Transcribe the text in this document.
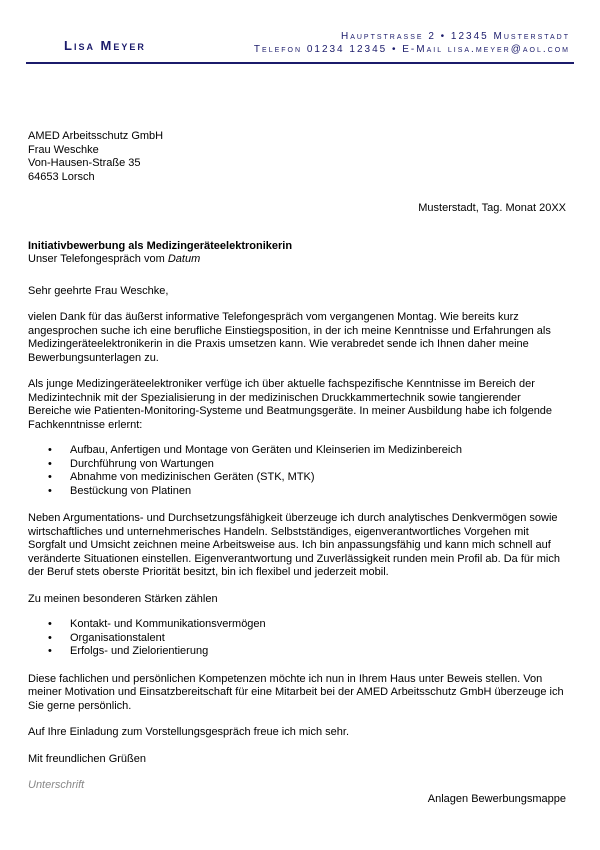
Lisa Meyer
Hauptstrasse 2 • 12345 Musterstadt
Telefon 01234 12345 • E-Mail lisa.meyer@aol.com
AMED Arbeitsschutz GmbH
Frau Weschke
Von-Hausen-Straße 35
64653 Lorsch
Musterstadt, Tag. Monat 20XX
Initiativbewerbung als Medizingeräteelektronikerin
Unser Telefongespräch vom Datum

Sehr geehrte Frau Weschke,

vielen Dank für das äußerst informative Telefongespräch vom vergangenen Montag. Wie bereits kurz angesprochen suche ich eine berufliche Einstiegsposition, in der ich meine Kenntnisse und Erfahrungen als Medizingeräteelektronikerin in die Praxis umsetzen kann. Wie verabredet sende ich Ihnen daher meine Bewerbungsunterlagen zu.

Als junge Medizingeräteelektroniker verfüge ich über aktuelle fachspezifische Kenntnisse im Bereich der Medizintechnik mit der Spezialisierung in der medizinischen Druckkammertechnik sowie tangierender Bereiche wie Patienten-Monitoring-Systeme und Beatmungsgeräte. In meiner Ausbildung habe ich folgende Fachkenntnisse erlernt:

• Aufbau, Anfertigen und Montage von Geräten und Kleinserien im Medizinbereich
• Durchführung von Wartungen
• Abnahme von medizinischen Geräten (STK, MTK)
• Bestückung von Platinen

Neben Argumentations- und Durchsetzungsfähigkeit überzeuge ich durch analytisches Denkvermögen sowie wirtschaftliches und unternehmerisches Handeln. Selbstständiges, eigenverantwortliches Vorgehen mit Sorgfalt und Umsicht zeichnen meine Arbeitsweise aus. Ich bin anpassungsfähig und kann mich schnell auf veränderte Situationen einstellen. Eigenverantwortung und Zuverlässigkeit runden mein Profil ab. Da für mich der Beruf stets oberste Priorität besitzt, bin ich flexibel und jederzeit mobil.

Zu meinen besonderen Stärken zählen

• Kontakt- und Kommunikationsvermögen
• Organisationstalent
• Erfolgs- und Zielorientierung

Diese fachlichen und persönlichen Kompetenzen möchte ich nun in Ihrem Haus unter Beweis stellen. Von meiner Motivation und Einsatzbereitschaft für eine Mitarbeit bei der AMED Arbeitsschutz GmbH überzeuge ich Sie gerne persönlich.

Auf Ihre Einladung zum Vorstellungsgespräch freue ich mich sehr.

Mit freundlichen Grüßen

Unterschrift

Anlagen Bewerbungsmappe
